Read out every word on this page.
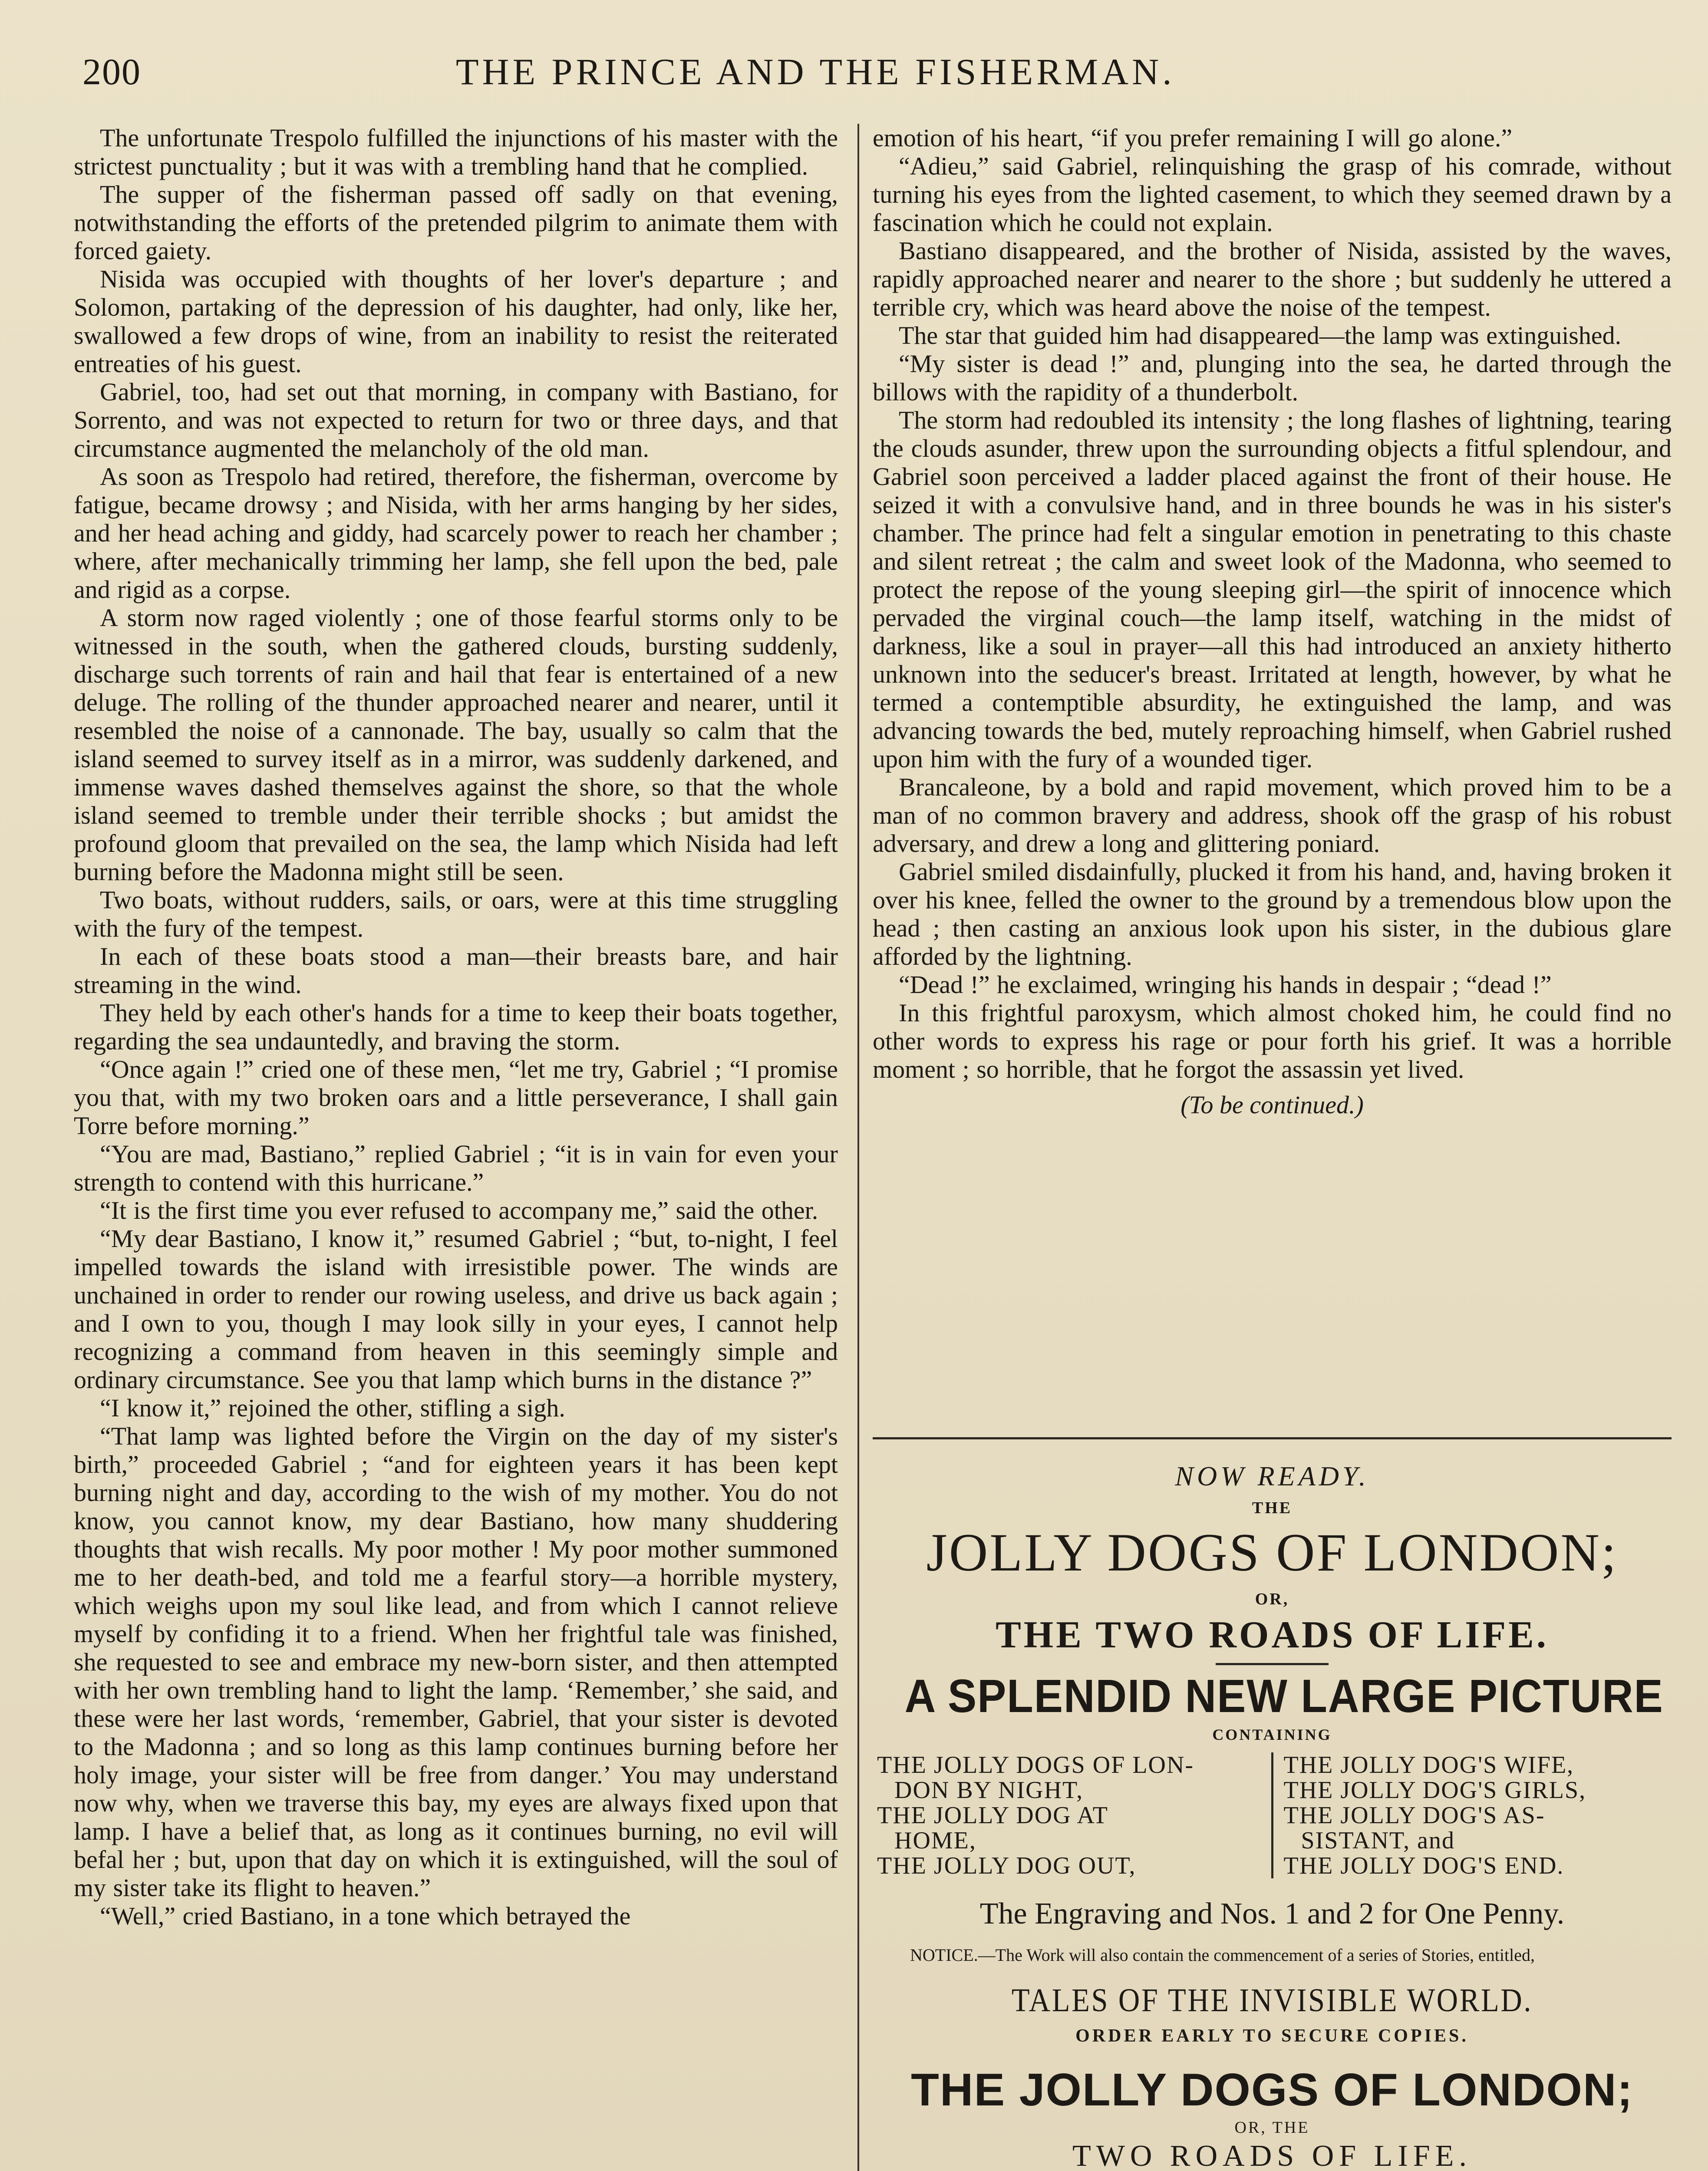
200	THE PRINCE AND THE FISHERMAN.

The unfortunate Trespolo fulfilled the injunctions of his master with the strictest punctuality ; but it was with a trembling hand that he complied.

The supper of the fisherman passed off sadly on that evening, notwithstanding the efforts of the pretended pilgrim to animate them with forced gaiety.

Nisida was occupied with thoughts of her lover's departure ; and Solomon, partaking of the depression of his daughter, had only, like her, swallowed a few drops of wine, from an inability to resist the reiterated entreaties of his guest.

Gabriel, too, had set out that morning, in company with Bastiano, for Sorrento, and was not expected to return for two or three days, and that circumstance augmented the melancholy of the old man.

As soon as Trespolo had retired, therefore, the fisherman, overcome by fatigue, became drowsy ; and Nisida, with her arms hanging by her sides, and her head aching and giddy, had scarcely power to reach her chamber ; where, after mechanically trimming her lamp, she fell upon the bed, pale and rigid as a corpse.

A storm now raged violently ; one of those fearful storms only to be witnessed in the south, when the gathered clouds, bursting suddenly, discharge such torrents of rain and hail that fear is entertained of a new deluge. The rolling of the thunder approached nearer and nearer, until it resembled the noise of a cannonade. The bay, usually so calm that the island seemed to survey itself as in a mirror, was suddenly darkened, and immense waves dashed themselves against the shore, so that the whole island seemed to tremble under their terrible shocks ; but amidst the profound gloom that prevailed on the sea, the lamp which Nisida had left burning before the Madonna might still be seen.

Two boats, without rudders, sails, or oars, were at this time struggling with the fury of the tempest.

In each of these boats stood a man—their breasts bare, and hair streaming in the wind.

They held by each other's hands for a time to keep their boats together, regarding the sea undauntedly, and braving the storm.

“Once again !” cried one of these men, “let me try, Gabriel ; “I promise you that, with my two broken oars and a little perseverance, I shall gain Torre before morning.”

“You are mad, Bastiano,” replied Gabriel ; “it is in vain for even your strength to contend with this hurricane.”

“It is the first time you ever refused to accompany me,” said the other.

“My dear Bastiano, I know it,” resumed Gabriel ; “but, to-night, I feel impelled towards the island with irresistible power. The winds are unchained in order to render our rowing useless, and drive us back again ; and I own to you, though I may look silly in your eyes, I cannot help recognizing a command from heaven in this seemingly simple and ordinary circumstance. See you that lamp which burns in the distance ?”

“I know it,” rejoined the other, stifling a sigh.

“That lamp was lighted before the Virgin on the day of my sister's birth,” proceeded Gabriel ; “and for eighteen years it has been kept burning night and day, according to the wish of my mother. You do not know, you cannot know, my dear Bastiano, how many shuddering thoughts that wish recalls. My poor mother ! My poor mother summoned me to her death-bed, and told me a fearful story—a horrible mystery, which weighs upon my soul like lead, and from which I cannot relieve myself by confiding it to a friend. When her frightful tale was finished, she requested to see and embrace my new-born sister, and then attempted with her own trembling hand to light the lamp. ‘Remember,’ she said, and these were her last words, ‘remember, Gabriel, that your sister is devoted to the Madonna ; and so long as this lamp continues burning before her holy image, your sister will be free from danger.’ You may understand now why, when we traverse this bay, my eyes are always fixed upon that lamp. I have a belief that, as long as it continues burning, no evil will befal her ; but, upon that day on which it is extinguished, will the soul of my sister take its flight to heaven.”

“Well,” cried Bastiano, in a tone which betrayed the

emotion of his heart, “if you prefer remaining I will go alone.”

“Adieu,” said Gabriel, relinquishing the grasp of his comrade, without turning his eyes from the lighted casement, to which they seemed drawn by a fascination which he could not explain.

Bastiano disappeared, and the brother of Nisida, assisted by the waves, rapidly approached nearer and nearer to the shore ; but suddenly he uttered a terrible cry, which was heard above the noise of the tempest.

The star that guided him had disappeared—the lamp was extinguished.

“My sister is dead !” and, plunging into the sea, he darted through the billows with the rapidity of a thunderbolt.

The storm had redoubled its intensity ; the long flashes of lightning, tearing the clouds asunder, threw upon the surrounding objects a fitful splendour, and Gabriel soon perceived a ladder placed against the front of their house. He seized it with a convulsive hand, and in three bounds he was in his sister's chamber. The prince had felt a singular emotion in penetrating to this chaste and silent retreat ; the calm and sweet look of the Madonna, who seemed to protect the repose of the young sleeping girl—the spirit of innocence which pervaded the virginal couch—the lamp itself, watching in the midst of darkness, like a soul in prayer—all this had introduced an anxiety hitherto unknown into the seducer's breast. Irritated at length, however, by what he termed a contemptible absurdity, he extinguished the lamp, and was advancing towards the bed, mutely reproaching himself, when Gabriel rushed upon him with the fury of a wounded tiger.

Brancaleone, by a bold and rapid movement, which proved him to be a man of no common bravery and address, shook off the grasp of his robust adversary, and drew a long and glittering poniard.

Gabriel smiled disdainfully, plucked it from his hand, and, having broken it over his knee, felled the owner to the ground by a tremendous blow upon the head ; then casting an anxious look upon his sister, in the dubious glare afforded by the lightning.

“Dead !” he exclaimed, wringing his hands in despair ; “dead !”

In this frightful paroxysm, which almost choked him, he could find no other words to express his rage or pour forth his grief. It was a horrible moment ; so horrible, that he forgot the assassin yet lived.

(To be continued.)
NOW READY.
THE
JOLLY DOGS OF LONDON;
OR,
THE TWO ROADS OF LIFE.
A SPLENDID NEW LARGE PICTURE
CONTAINING
THE JOLLY DOGS OF LON-
DON BY NIGHT,
THE JOLLY DOG AT
HOME,
THE JOLLY DOG OUT,
THE JOLLY DOG'S WIFE,
THE JOLLY DOG'S GIRLS,
THE JOLLY DOG'S AS-
SISTANT, and
THE JOLLY DOG'S END.
The Engraving and Nos. 1 and 2 for One Penny.
NOTICE.—The Work will also contain the commencement of a series of Stories, entitled,
TALES OF THE INVISIBLE WORLD.
ORDER EARLY TO SECURE COPIES.
THE JOLLY DOGS OF LONDON;
OR, THE
TWO ROADS OF LIFE.
